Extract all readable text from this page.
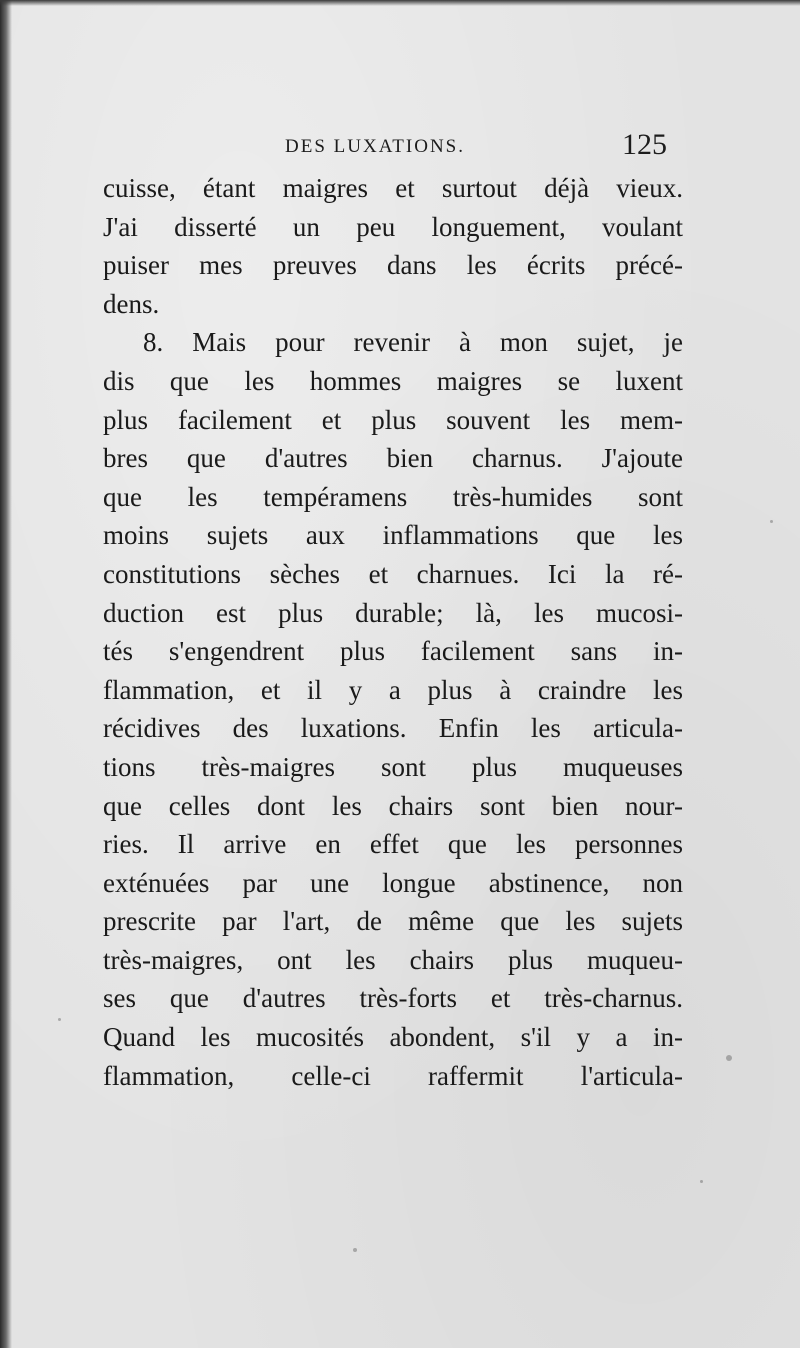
DES LUXATIONS.	125
cuisse, étant maigres et surtout déjà vieux.
J'ai disserté un peu longuement, voulant
puiser mes preuves dans les écrits précé-
dens.
8. Mais pour revenir à mon sujet, je
dis que les hommes maigres se luxent
plus facilement et plus souvent les mem-
bres que d'autres bien charnus. J'ajoute
que les tempéramens très-humides sont
moins sujets aux inflammations que les
constitutions sèches et charnues. Ici la ré-
duction est plus durable; là, les mucosi-
tés s'engendrent plus facilement sans in-
flammation, et il y a plus à craindre les
récidives des luxations. Enfin les articula-
tions très-maigres sont plus muqueuses
que celles dont les chairs sont bien nour-
ries. Il arrive en effet que les personnes
exténuées par une longue abstinence, non
prescrite par l'art, de même que les sujets
très-maigres, ont les chairs plus muqueu-
ses que d'autres très-forts et très-charnus.
Quand les mucosités abondent, s'il y a in-
flammation, celle-ci raffermit l'articula-
